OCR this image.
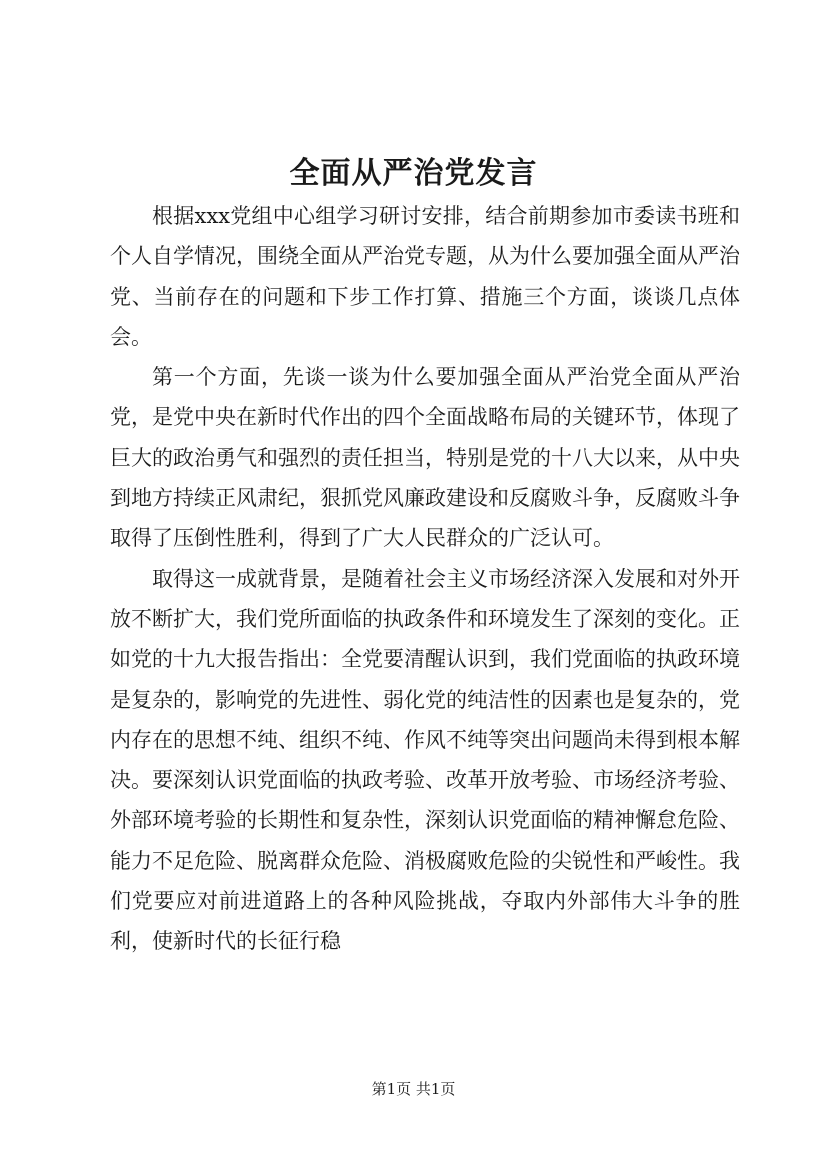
全面从严治党发言

根据xxx党组中心组学习研讨安排，结合前期参加市委读书班和个人自学情况，围绕全面从严治党专题，从为什么要加强全面从严治党、当前存在的问题和下步工作打算、措施三个方面，谈谈几点体会。

第一个方面，先谈一谈为什么要加强全面从严治党全面从严治党，是党中央在新时代作出的四个全面战略布局的关键环节，体现了巨大的政治勇气和强烈的责任担当，特别是党的十八大以来，从中央到地方持续正风肃纪，狠抓党风廉政建设和反腐败斗争，反腐败斗争取得了压倒性胜利，得到了广大人民群众的广泛认可。

取得这一成就背景，是随着社会主义市场经济深入发展和对外开放不断扩大，我们党所面临的执政条件和环境发生了深刻的变化。正如党的十九大报告指出：全党要清醒认识到，我们党面临的执政环境是复杂的，影响党的先进性、弱化党的纯洁性的因素也是复杂的，党内存在的思想不纯、组织不纯、作风不纯等突出问题尚未得到根本解决。要深刻认识党面临的执政考验、改革开放考验、市场经济考验、外部环境考验的长期性和复杂性，深刻认识党面临的精神懈怠危险、能力不足危险、脱离群众危险、消极腐败危险的尖锐性和严峻性。我们党要应对前进道路上的各种风险挑战，夺取内外部伟大斗争的胜利，使新时代的长征行稳

第1页 共1页
